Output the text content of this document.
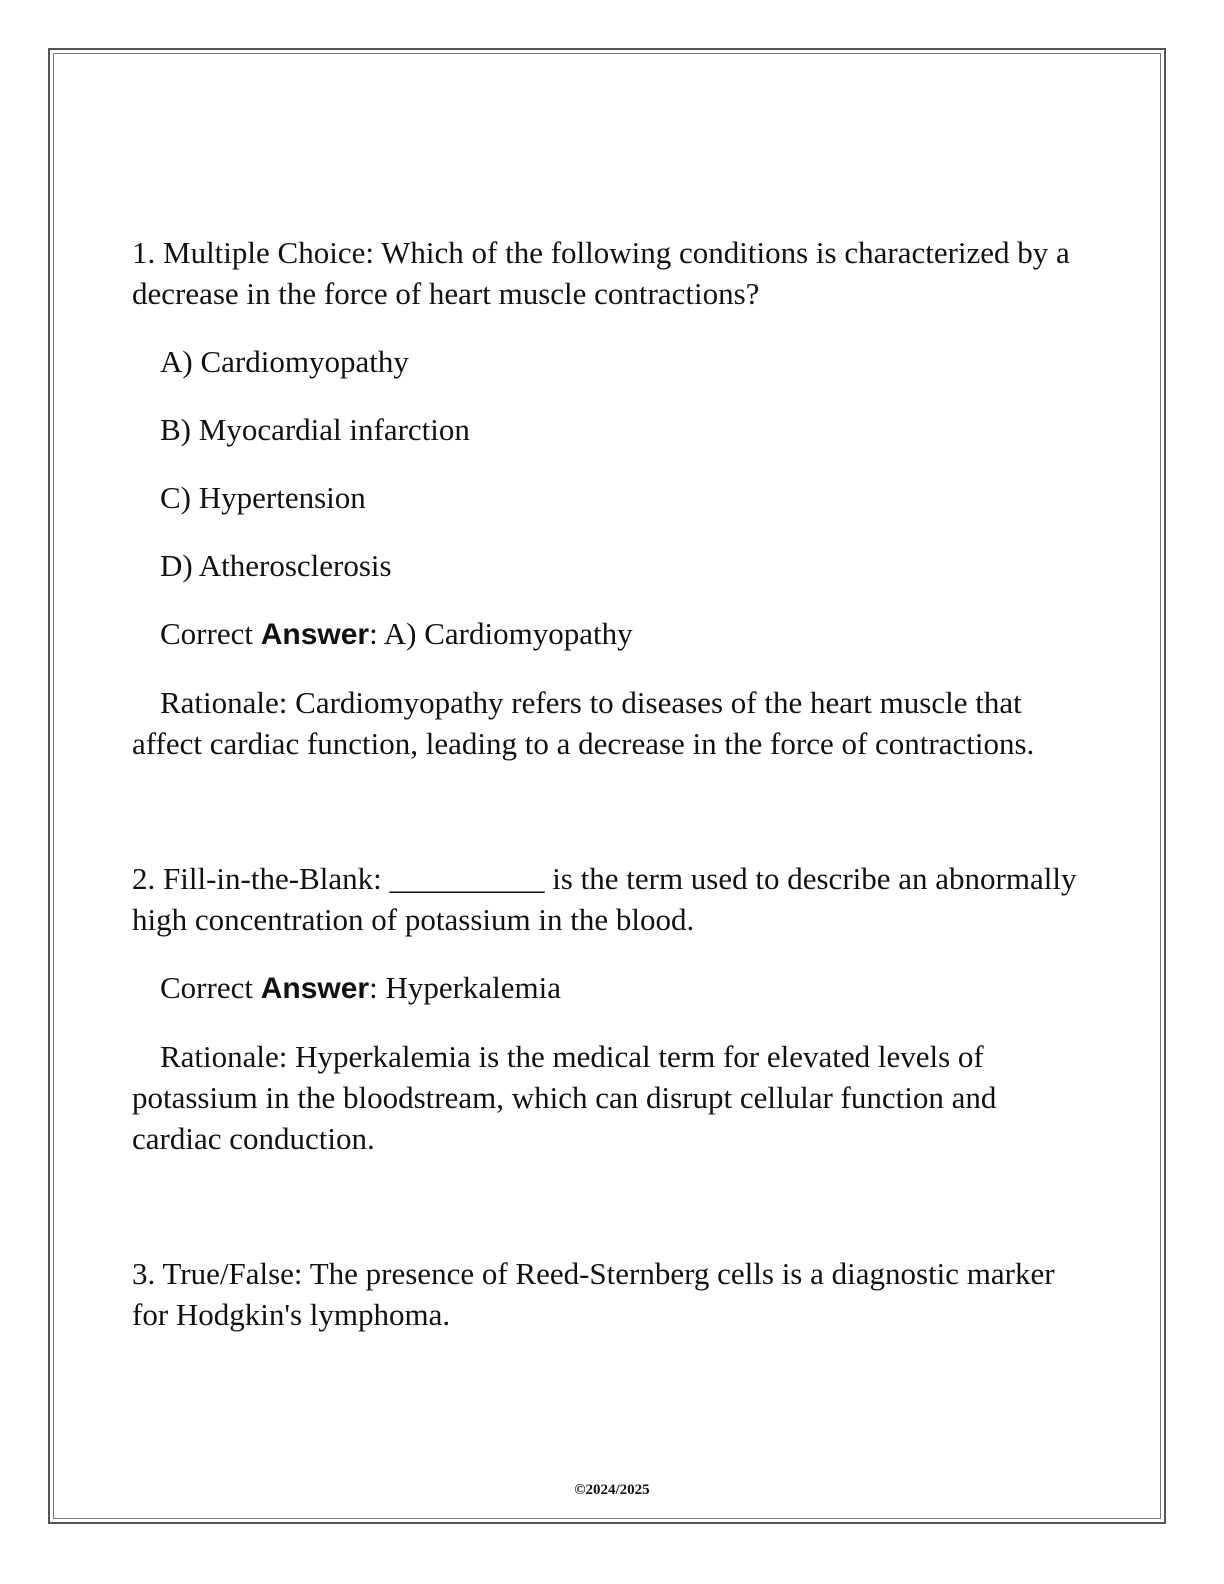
1. Multiple Choice: Which of the following conditions is characterized by a decrease in the force of heart muscle contractions?

A) Cardiomyopathy

B) Myocardial infarction

C) Hypertension

D) Atherosclerosis

Correct Answer: A) Cardiomyopathy

Rationale: Cardiomyopathy refers to diseases of the heart muscle that affect cardiac function, leading to a decrease in the force of contractions.

2. Fill-in-the-Blank: __________ is the term used to describe an abnormally high concentration of potassium in the blood.

Correct Answer: Hyperkalemia

Rationale: Hyperkalemia is the medical term for elevated levels of potassium in the bloodstream, which can disrupt cellular function and cardiac conduction.

3. True/False: The presence of Reed-Sternberg cells is a diagnostic marker for Hodgkin's lymphoma.

©2024/2025
